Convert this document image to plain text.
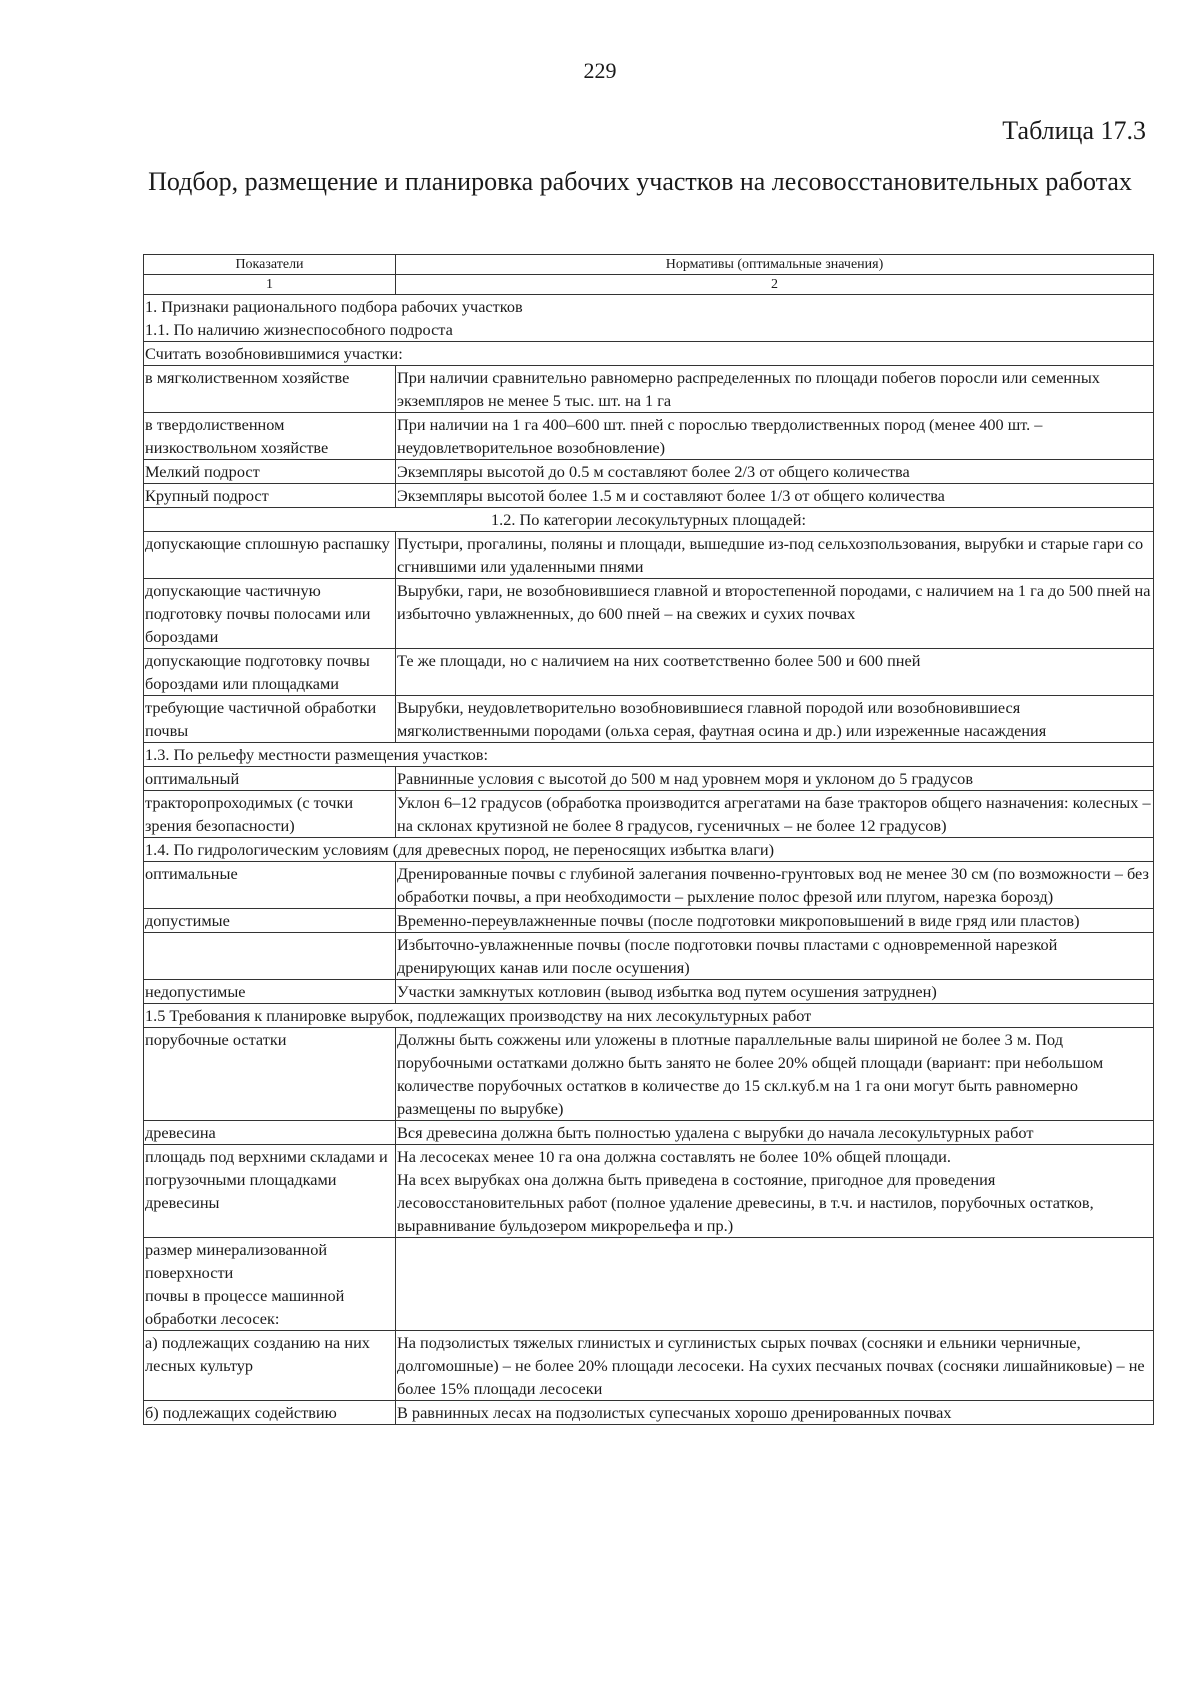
229
Таблица 17.3
Подбор, размещение и планировка рабочих участков на лесовосстановительных работах
Показатели	Нормативы (оптимальные значения)
1	2

1. Признаки рационального подбора рабочих участков
1.1. По наличию жизнеспособного подроста	

Считать возобновившимися участки:	
в мягколиственном хозяйстве	При наличии сравнительно равномерно распределенных по площади побегов поросли или семенных экземпляров не менее 5 тыс. шт. на 1 га
в твердолиственном низкоствольном хозяйстве	При наличии на 1 га 400–600 шт. пней с порослью твердолиственных пород (менее 400 шт. – неудовлетворительное возобновление)
Мелкий подрост	Экземпляры высотой до 0.5 м составляют более 2/3 от общего количества
Крупный подрост	Экземпляры высотой более 1.5 м и составляют более 1/3 от общего количества
1.2. По категории лесокультурных площадей:	
допускающие сплошную распашку	Пустыри, прогалины, поляны и площади, вышедшие из-под сельхозпользования, вырубки и старые гари со сгнившими или удаленными пнями
допускающие частичную подготовку почвы полосами или бороздами	Вырубки, гари, не возобновившиеся главной и второстепенной породами, с наличием на 1 га до 500 пней на избыточно увлажненных, до 600 пней – на свежих и сухих почвах
допускающие подготовку почвы бороздами или площадками	Те же площади, но с наличием на них соответственно более 500 и 600 пней
требующие частичной обработки почвы	Вырубки, неудовлетворительно возобновившиеся главной породой или возобновившиеся мягколиственными породами (ольха серая, фаутная осина и др.) или изреженные насаждения
1.3. По рельефу местности размещения участков:	
оптимальный	Равнинные условия с высотой до 500 м над уровнем моря и уклоном до 5 градусов
тракторопроходимых (с точки зрения безопасности)	Уклон 6–12 градусов (обработка производится агрегатами на базе тракторов общего назначения: колесных – на склонах крутизной не более 8 градусов, гусеничных – не более 12 градусов)
1.4. По гидрологическим условиям (для древесных пород, не переносящих избытка влаги)	
оптимальные	Дренированные почвы с глубиной залегания почвенно-грунтовых вод не менее 30 см (по возможности – без обработки почвы, а при необходимости – рыхление полос фрезой или плугом, нарезка борозд)
допустимые	Временно-переувлажненные почвы (после подготовки микроповышений в виде гряд или пластов)
	Избыточно-увлажненные почвы (после подготовки почвы пластами с одновременной нарезкой дренирующих канав или после осушения)
недопустимые	Участки замкнутых котловин (вывод избытка вод путем осушения затруднен)
1.5 Требования к планировке вырубок, подлежащих производству на них лесокультурных работ	
порубочные остатки	Должны быть сожжены или уложены в плотные параллельные валы шириной не более 3 м. Под порубочными остатками должно быть занято не более 20% общей площади (вариант: при небольшом количестве порубочных остатков в количестве до 15 скл.куб.м на 1 га они могут быть равномерно размещены по вырубке)
древесина	Вся древесина должна быть полностью удалена с вырубки до начала лесокультурных работ
площадь под верхними складами и погрузочными площадками древесины	На лесосеках менее 10 га она должна составлять не более 10% общей площади.
На всех вырубках она должна быть приведена в состояние, пригодное для проведения лесовосстановительных работ (полное удаление древесины, в т.ч. и настилов, порубочных остатков, выравнивание бульдозером микрорельефа и пр.)

размер минерализованной поверхности
почвы в процессе машинной обработки лесосек:	

а) подлежащих созданию на них лесных культур	На подзолистых тяжелых глинистых и суглинистых сырых почвах (сосняки и ельники черничные, долгомошные) – не более 20% площади лесосеки. На сухих песчаных почвах (сосняки лишайниковые) – не более 15% площади лесосеки
б) подлежащих содействию	В равнинных лесах на подзолистых супесчаных хорошо дренированных почвах
